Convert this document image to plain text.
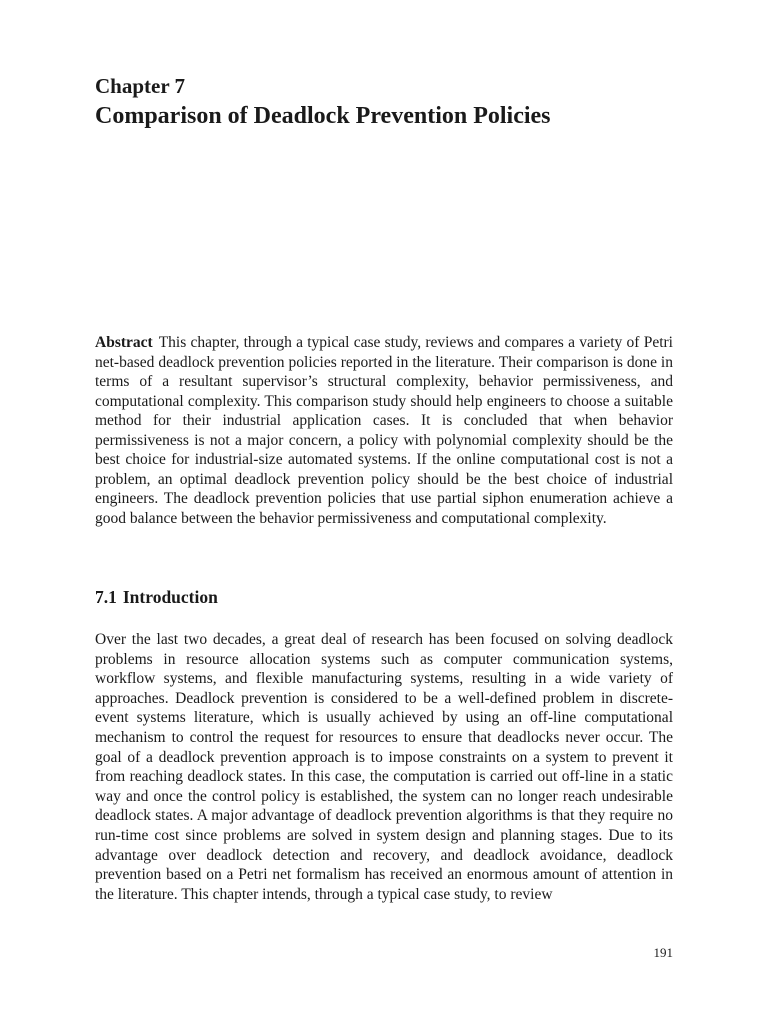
Chapter 7
Comparison of Deadlock Prevention Policies

Abstract This chapter, through a typical case study, reviews and compares a variety of Petri net-based deadlock prevention policies reported in the literature. Their comparison is done in terms of a resultant supervisor’s structural complexity, behavior permissiveness, and computational complexity. This comparison study should help engineers to choose a suitable method for their industrial application cases. It is concluded that when behavior permissiveness is not a major concern, a policy with polynomial complexity should be the best choice for industrial-size automated systems. If the online computational cost is not a problem, an optimal deadlock prevention policy should be the best choice of industrial engineers. The deadlock prevention policies that use partial siphon enumeration achieve a good balance between the behavior permissiveness and computational complexity.

7.1 Introduction

Over the last two decades, a great deal of research has been focused on solving deadlock problems in resource allocation systems such as computer communication systems, workflow systems, and flexible manufacturing systems, resulting in a wide variety of approaches. Deadlock prevention is considered to be a well-defined problem in discrete-event systems literature, which is usually achieved by using an off-line computational mechanism to control the request for resources to ensure that deadlocks never occur. The goal of a deadlock prevention approach is to impose constraints on a system to prevent it from reaching deadlock states. In this case, the computation is carried out off-line in a static way and once the control policy is established, the system can no longer reach undesirable deadlock states. A major advantage of deadlock prevention algorithms is that they require no run-time cost since problems are solved in system design and planning stages. Due to its advantage over deadlock detection and recovery, and deadlock avoidance, deadlock prevention based on a Petri net formalism has received an enormous amount of attention in the literature. This chapter intends, through a typical case study, to review

191
